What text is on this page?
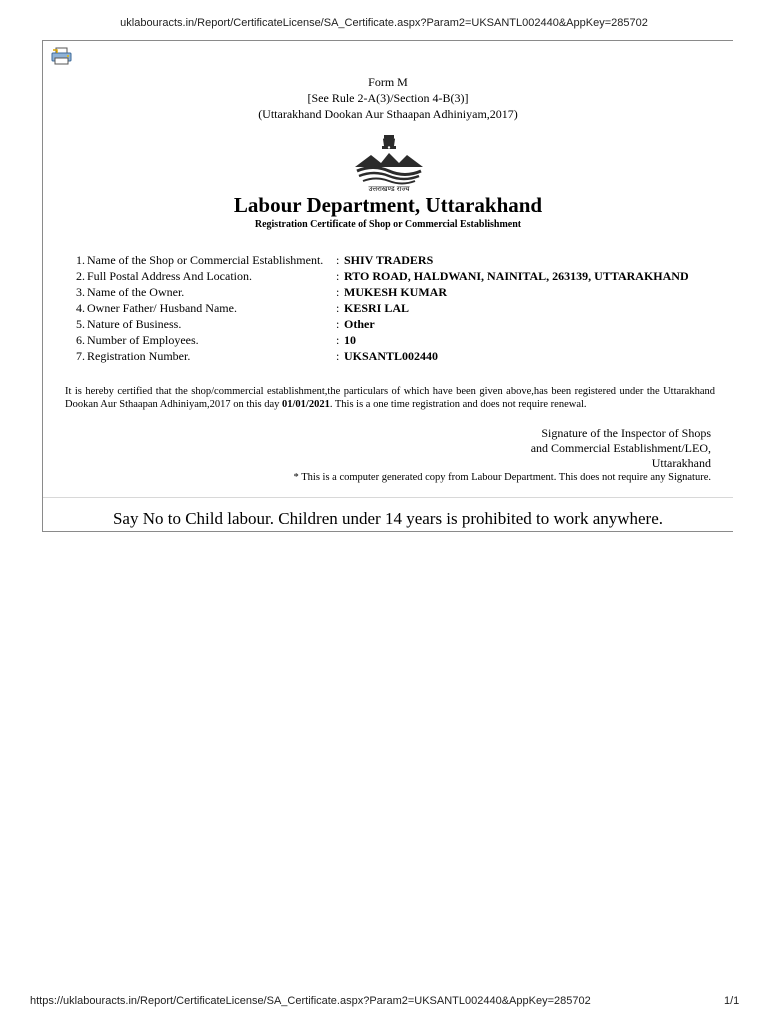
uklabouracts.in/Report/CertificateLicense/SA_Certificate.aspx?Param2=UKSANTL002440&AppKey=285702
Form M
[See Rule 2-A(3)/Section 4-B(3)]
(Uttarakhand Dookan Aur Sthaapan Adhiniyam,2017)
उत्तराखण्ड राज्य
Labour Department, Uttarakhand
Registration Certificate of Shop or Commercial Establishment
1. Name of the Shop or Commercial Establishment.	: SHIV TRADERS
2. Full Postal Address And Location.	: RTO ROAD, HALDWANI, NAINITAL, 263139, UTTARAKHAND
3. Name of the Owner.	: MUKESH KUMAR
4. Owner Father/ Husband Name.	: KESRI LAL
5. Nature of Business.	: Other
6. Number of Employees.	: 10
7. Registration Number.	: UKSANTL002440
It is hereby certified that the shop/commercial establishment,the particulars of which have been given above,has been registered under the Uttarakhand Dookan Aur Sthaapan Adhiniyam,2017 on this day 01/01/2021. This is a one time registration and does not require renewal.
Signature of the Inspector of Shops
and Commercial Establishment/LEO,
Uttarakhand
* This is a computer generated copy from Labour Department. This does not require any Signature.
Say No to Child labour. Children under 14 years is prohibited to work anywhere.
https://uklabouracts.in/Report/CertificateLicense/SA_Certificate.aspx?Param2=UKSANTL002440&AppKey=285702	1/1
